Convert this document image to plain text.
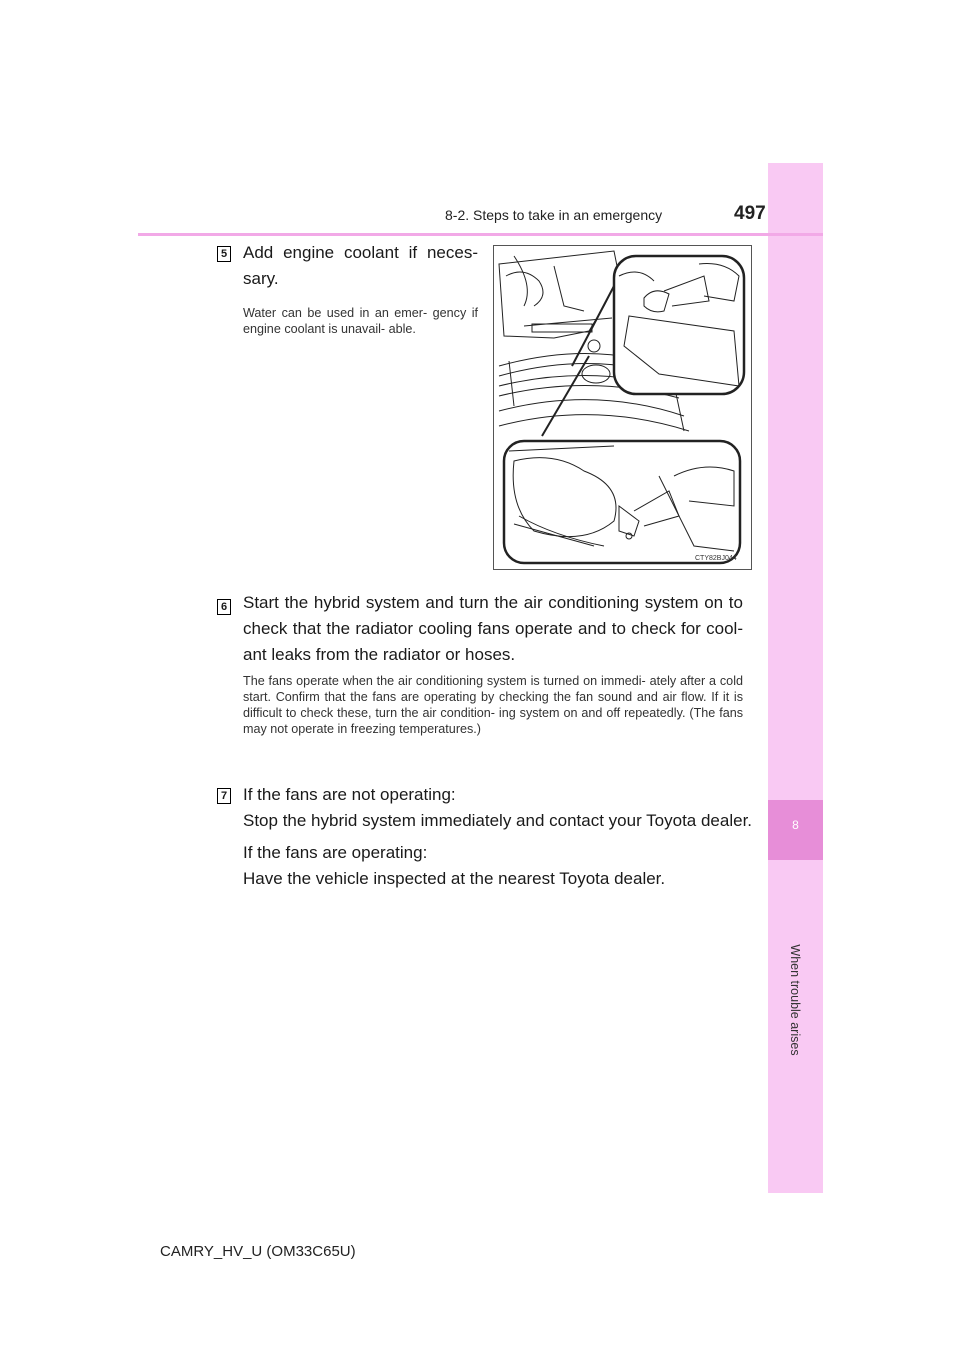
8
When trouble arises
8-2. Steps to take in an emergency	497
5 Add engine coolant if neces-
sary.
Water can be used in an emer- gency if engine coolant is unavail- able.
CTY82BJ044
6 Start the hybrid system and turn the air conditioning system on to check that the radiator cooling fans operate and to check for cool- ant leaks from the radiator or hoses.
The fans operate when the air conditioning system is turned on immedi- ately after a cold start. Confirm that the fans are operating by checking the fan sound and air flow. If it is difficult to check these, turn the air condition- ing system on and off repeatedly. (The fans may not operate in freezing temperatures.)
7 If the fans are not operating:
Stop the hybrid system immediately and contact your Toyota dealer.
If the fans are operating:
Have the vehicle inspected at the nearest Toyota dealer.
CAMRY_HV_U (OM33C65U)
